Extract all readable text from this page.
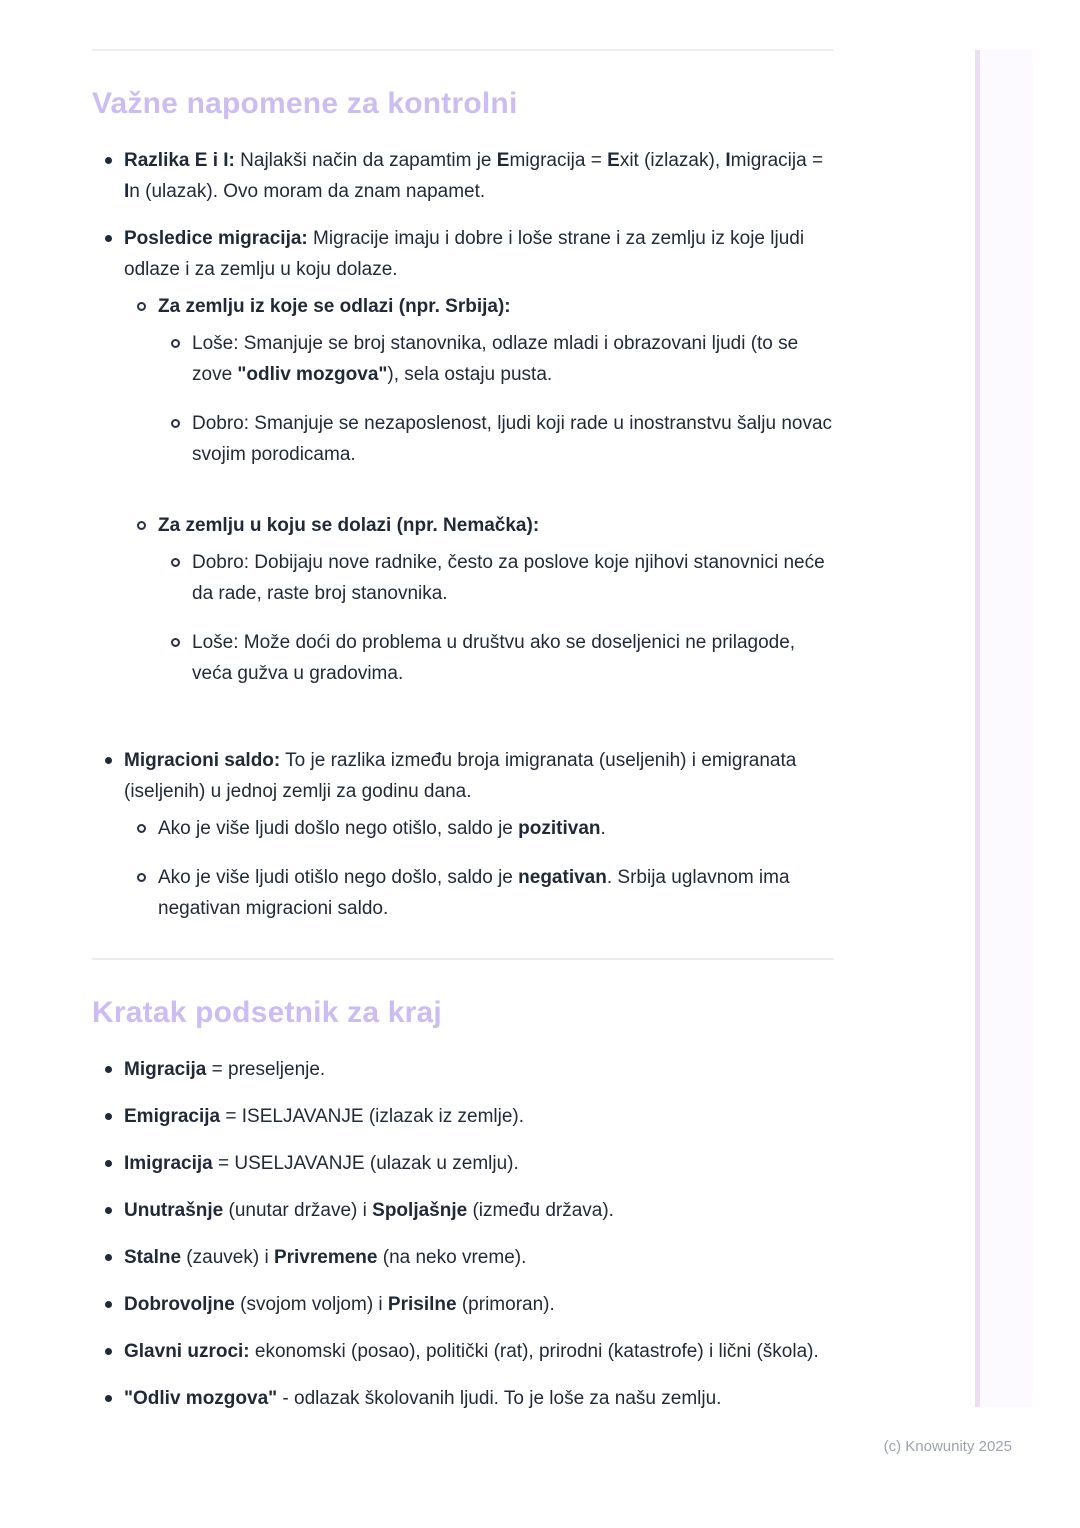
Važne napomene za kontrolni
Razlika E i I: Najlakši način da zapamtim je Emigracija = Exit (izlazak), Imigracija = In (ulazak). Ovo moram da znam napamet.
Posledice migracija: Migracije imaju i dobre i loše strane i za zemlju iz koje ljudi odlaze i za zemlju u koju dolaze.
Za zemlju iz koje se odlazi (npr. Srbija):
Loše: Smanjuje se broj stanovnika, odlaze mladi i obrazovani ljudi (to se zove "odliv mozgova"), sela ostaju pusta.
Dobro: Smanjuje se nezaposlenost, ljudi koji rade u inostranstvu šalju novac svojim porodicama.
Za zemlju u koju se dolazi (npr. Nemačka):
Dobro: Dobijaju nove radnike, često za poslove koje njihovi stanovnici neće da rade, raste broj stanovnika.
Loše: Može doći do problema u društvu ako se doseljenici ne prilagode, veća gužva u gradovima.
Migracioni saldo: To je razlika između broja imigranata (useljenih) i emigranata (iseljenih) u jednoj zemlji za godinu dana.
Ako je više ljudi došlo nego otišlo, saldo je pozitivan.
Ako je više ljudi otišlo nego došlo, saldo je negativan. Srbija uglavnom ima negativan migracioni saldo.
Kratak podsetnik za kraj
Migracija = preseljenje.
Emigracija = ISELJAVANJE (izlazak iz zemlje).
Imigracija = USELJAVANJE (ulazak u zemlju).
Unutrašnje (unutar države) i Spoljašnje (između država).
Stalne (zauvek) i Privremene (na neko vreme).
Dobrovoljne (svojom voljom) i Prisilne (primoran).
Glavni uzroci: ekonomski (posao), politički (rat), prirodni (katastrofe) i lični (škola).
"Odliv mozgova" - odlazak školovanih ljudi. To je loše za našu zemlju.
(c) Knowunity 2025
